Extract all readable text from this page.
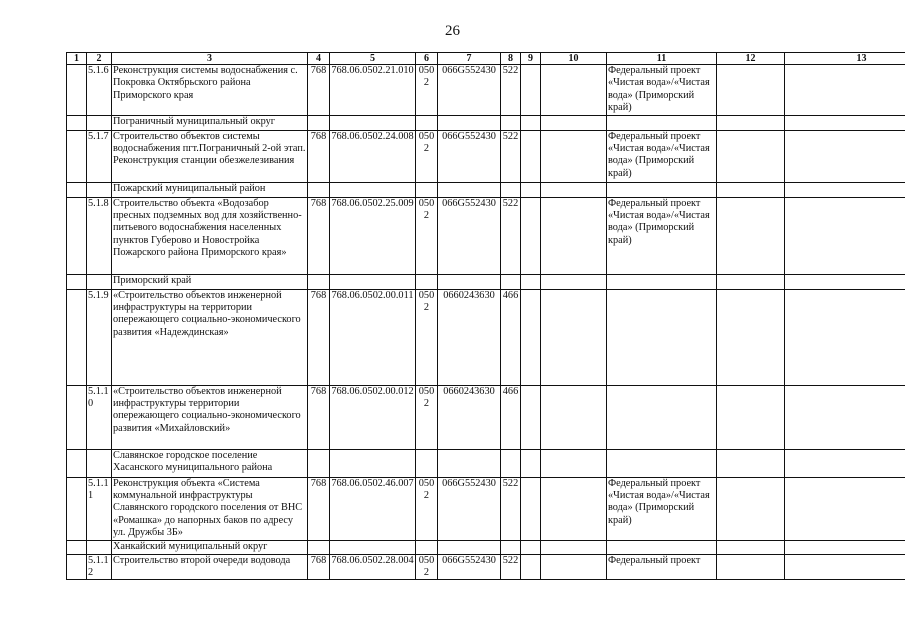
26
1	2	3	4	5	6	7	8	9	10	11	12	13
	5.1.6	Реконструкция системы водоснабжения с. Покровка Октябрьского района Приморского края	768	768.06.0502.21.010	0502	066G552430	522			Федеральный проект «Чистая вода»/«Чистая вода» (Приморский край)		
		Пограничный муниципальный округ										
	5.1.7	Строительство объектов системы водоснабжения пгт.Пограничный 2-ой этап. Реконструкция станции обезжелезивания	768	768.06.0502.24.008	0502	066G552430	522			Федеральный проект «Чистая вода»/«Чистая вода» (Приморский край)		
		Пожарский муниципальный район										
	5.1.8	Строительство объекта «Водозабор пресных подземных вод для хозяйственно-питьевого водоснабжения населенных пунктов Губерово и Новостройка Пожарского района Приморского края»	768	768.06.0502.25.009	0502	066G552430	522			Федеральный проект «Чистая вода»/«Чистая вода» (Приморский край)		
		Приморский край										
	5.1.9	«Строительство объектов инженерной инфраструктуры на территории опережающего социально-экономического развития «Надеждинская»	768	768.06.0502.00.011	0502	0660243630	466					
	5.1.10	«Строительство объектов инженерной инфраструктуры территории опережающего социально-экономического развития «Михайловский»	768	768.06.0502.00.012	0502	0660243630	466					
		Славянское городское поселение Хасанского муниципального района										
	5.1.11	Реконструкция объекта «Система коммунальной инфраструктуры Славянского городского поселения от ВНС «Ромашка» до напорных баков по адресу ул. Дружбы 3Б»	768	768.06.0502.46.007	0502	066G552430	522			Федеральный проект «Чистая вода»/«Чистая вода» (Приморский край)		
		Ханкайский муниципальный округ										
	5.1.12	Строительство второй очереди водовода	768	768.06.0502.28.004	0502	066G552430	522			Федеральный проект		
